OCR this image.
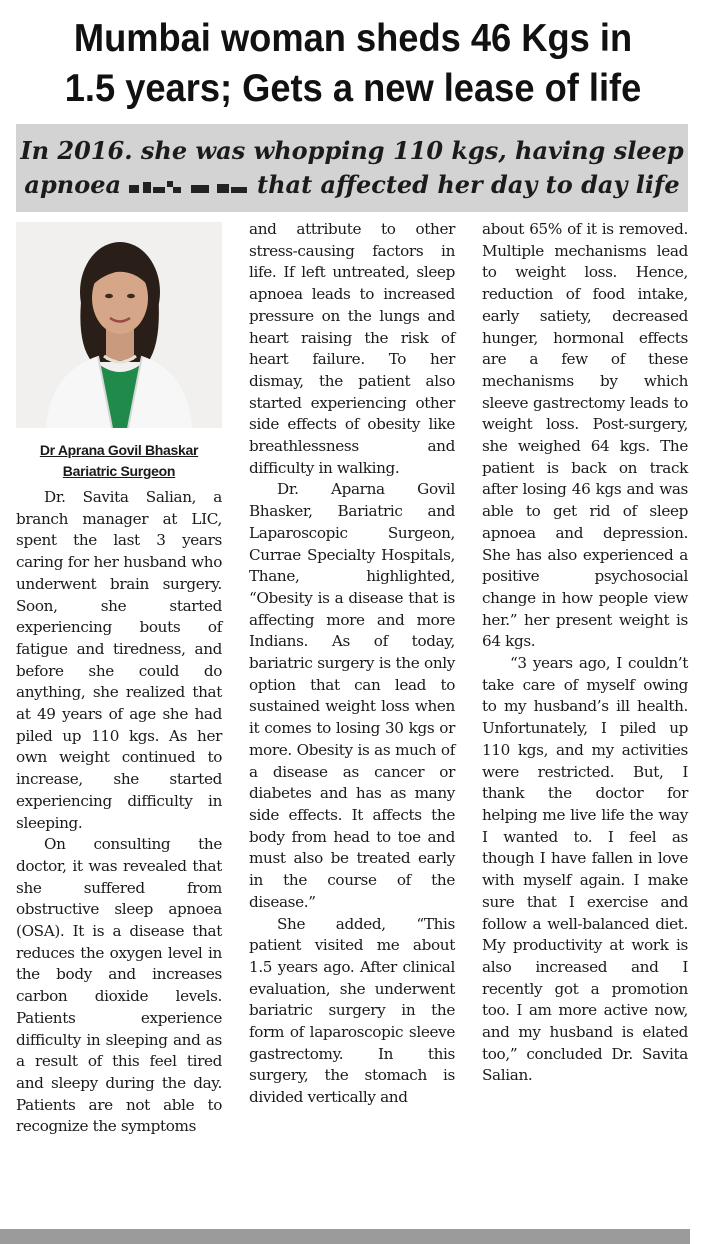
Mumbai woman sheds 46 Kgs in
1.5 years; Gets a new lease of life
In 2016. she was whopping 110 kgs, having sleep
apnoea	that affected her day to day life
Dr Aprana Govil Bhaskar
Bariatric Surgeon

Dr. Savita Salian, a branch manager at LIC, spent the last 3 years caring for her husband who underwent brain surgery. Soon, she started experiencing bouts of fatigue and tiredness, and before she could do anything, she realized that at 49 years of age she had piled up 110 kgs. As her own weight continued to increase, she started experiencing difficulty in sleeping.

On consulting the doctor, it was revealed that she suffered from obstructive sleep apnoea (OSA). It is a disease that reduces the oxygen level in the body and increases carbon dioxide levels. Patients experience difficulty in sleeping and as a result of this feel tired and sleepy during the day. Patients are not able to recognize the symptoms

and attribute to other stress-causing factors in life. If left untreated, sleep apnoea leads to increased pressure on the lungs and heart raising the risk of heart failure. To her dismay, the patient also started experiencing other side effects of obesity like breathlessness and difficulty in walking.

Dr. Aparna Govil Bhasker, Bariatric and Laparoscopic Surgeon, Currae Specialty Hospitals, Thane, highlighted, “Obesity is a disease that is affecting more and more Indians. As of today, bariatric surgery is the only option that can lead to sustained weight loss when it comes to losing 30 kgs or more. Obesity is as much of a disease as cancer or diabetes and has as many side effects. It affects the body from head to toe and must also be treated early in the course of the disease.”

She added, “This patient visited me about 1.5 years ago. After clinical evaluation, she underwent bariatric surgery in the form of laparoscopic sleeve gastrectomy. In this surgery, the stomach is divided vertically and

about 65% of it is removed. Multiple mechanisms lead to weight loss. Hence, reduction of food intake, early satiety, decreased hunger, hormonal effects are a few of these mechanisms by which sleeve gastrectomy leads to weight loss. Post-surgery, she weighed 64 kgs. The patient is back on track after losing 46 kgs and was able to get rid of sleep apnoea and depression. She has also experienced a positive psychosocial change in how people view her.” her present weight is 64 kgs.

“3 years ago, I couldn’t take care of myself owing to my husband’s ill health. Unfortunately, I piled up 110 kgs, and my activities were restricted. But, I thank the doctor for helping me live life the way I wanted to. I feel as though I have fallen in love with myself again. I make sure that I exercise and follow a well-balanced diet. My productivity at work is also increased and I recently got a promotion too. I am more active now, and my husband is elated too,” concluded Dr. Savita Salian.
